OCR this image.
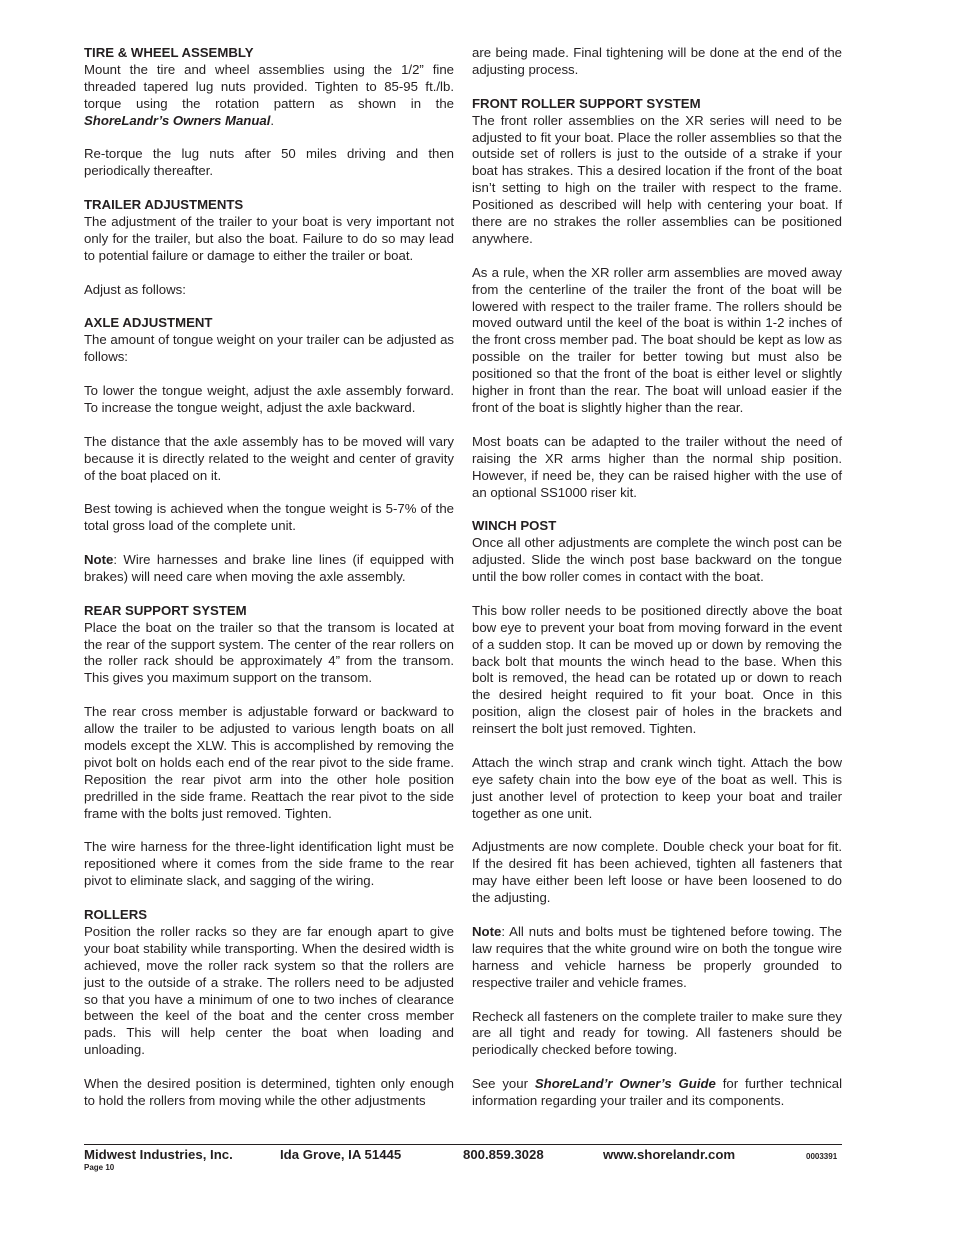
TIRE & WHEEL ASSEMBLY

Mount the tire and wheel assemblies using the 1/2” fine threaded tapered lug nuts provided. Tighten to 85-95 ft./lb. torque using the rotation pattern as shown in the ShoreLandr’s Owners Manual.

Re-torque the lug nuts after 50 miles driving and then periodically thereafter.

TRAILER ADJUSTMENTS

The adjustment of the trailer to your boat is very important not only for the trailer, but also the boat. Failure to do so may lead to potential failure or damage to either the trailer or boat.

Adjust as follows:

AXLE ADJUSTMENT

The amount of tongue weight on your trailer can be adjusted as follows:

To lower the tongue weight, adjust the axle assembly forward. To increase the tongue weight, adjust the axle backward.

The distance that the axle assembly has to be moved will vary because it is directly related to the weight and center of gravity of the boat placed on it.

Best towing is achieved when the tongue weight is 5-7% of the total gross load of the complete unit.

Note: Wire harnesses and brake line lines (if equipped with brakes) will need care when moving the axle assembly.

REAR SUPPORT SYSTEM

Place the boat on the trailer so that the transom is located at the rear of the support system. The center of the rear rollers on the roller rack should be approximately 4” from the transom. This gives you maximum support on the transom.

The rear cross member is adjustable forward or backward to allow the trailer to be adjusted to various length boats on all models except the XLW. This is accomplished by removing the pivot bolt on holds each end of the rear pivot to the side frame. Reposition the rear pivot arm into the other hole position predrilled in the side frame. Reattach the rear pivot to the side frame with the bolts just removed. Tighten.

The wire harness for the three-light identification light must be repositioned where it comes from the side frame to the rear pivot to eliminate slack, and sagging of the wiring.

ROLLERS

Position the roller racks so they are far enough apart to give your boat stability while transporting. When the desired width is achieved, move the roller rack system so that the rollers are just to the outside of a strake. The rollers need to be adjusted so that you have a minimum of one to two inches of clearance between the keel of the boat and the center cross member pads. This will help center the boat when loading and unloading.

When the desired position is determined, tighten only enough to hold the rollers from moving while the other adjustments

are being made. Final tightening will be done at the end of the adjusting process.

FRONT ROLLER SUPPORT SYSTEM

The front roller assemblies on the XR series will need to be adjusted to fit your boat. Place the roller assemblies so that the outside set of rollers is just to the outside of a strake if your boat has strakes. This a desired location if the front of the boat isn’t setting to high on the trailer with respect to the frame. Positioned as described will help with centering your boat. If there are no strakes the roller assemblies can be positioned anywhere.

As a rule, when the XR roller arm assemblies are moved away from the centerline of the trailer the front of the boat will be lowered with respect to the trailer frame. The rollers should be moved outward until the keel of the boat is within 1-2 inches of the front cross member pad. The boat should be kept as low as possible on the trailer for better towing but must also be positioned so that the front of the boat is either level or slightly higher in front than the rear. The boat will unload easier if the front of the boat is slightly higher than the rear.

Most boats can be adapted to the trailer without the need of raising the XR arms higher than the normal ship position. However, if need be, they can be raised higher with the use of an optional SS1000 riser kit.

WINCH POST

Once all other adjustments are complete the winch post can be adjusted. Slide the winch post base backward on the tongue until the bow roller comes in contact with the boat.

This bow roller needs to be positioned directly above the boat bow eye to prevent your boat from moving forward in the event of a sudden stop. It can be moved up or down by removing the back bolt that mounts the winch head to the base. When this bolt is removed, the head can be rotated up or down to reach the desired height required to fit your boat. Once in this position, align the closest pair of holes in the brackets and reinsert the bolt just removed. Tighten.

Attach the winch strap and crank winch tight. Attach the bow eye safety chain into the bow eye of the boat as well. This is just another level of protection to keep your boat and trailer together as one unit.

Adjustments are now complete. Double check your boat for fit. If the desired fit has been achieved, tighten all fasteners that may have either been left loose or have been loosened to do the adjusting.

Note: All nuts and bolts must be tightened before towing. The law requires that the white ground wire on both the tongue wire harness and vehicle harness be properly grounded to respective trailer and vehicle frames.

Recheck all fasteners on the complete trailer to make sure they are all tight and ready for towing. All fasteners should be periodically checked before towing.

See your ShoreLand’r Owner’s Guide for further technical information regarding your trailer and its components.

Midwest Industries, Inc.	Ida Grove, IA 51445	800.859.3028	www.shorelandr.com	0003391
Page 10
